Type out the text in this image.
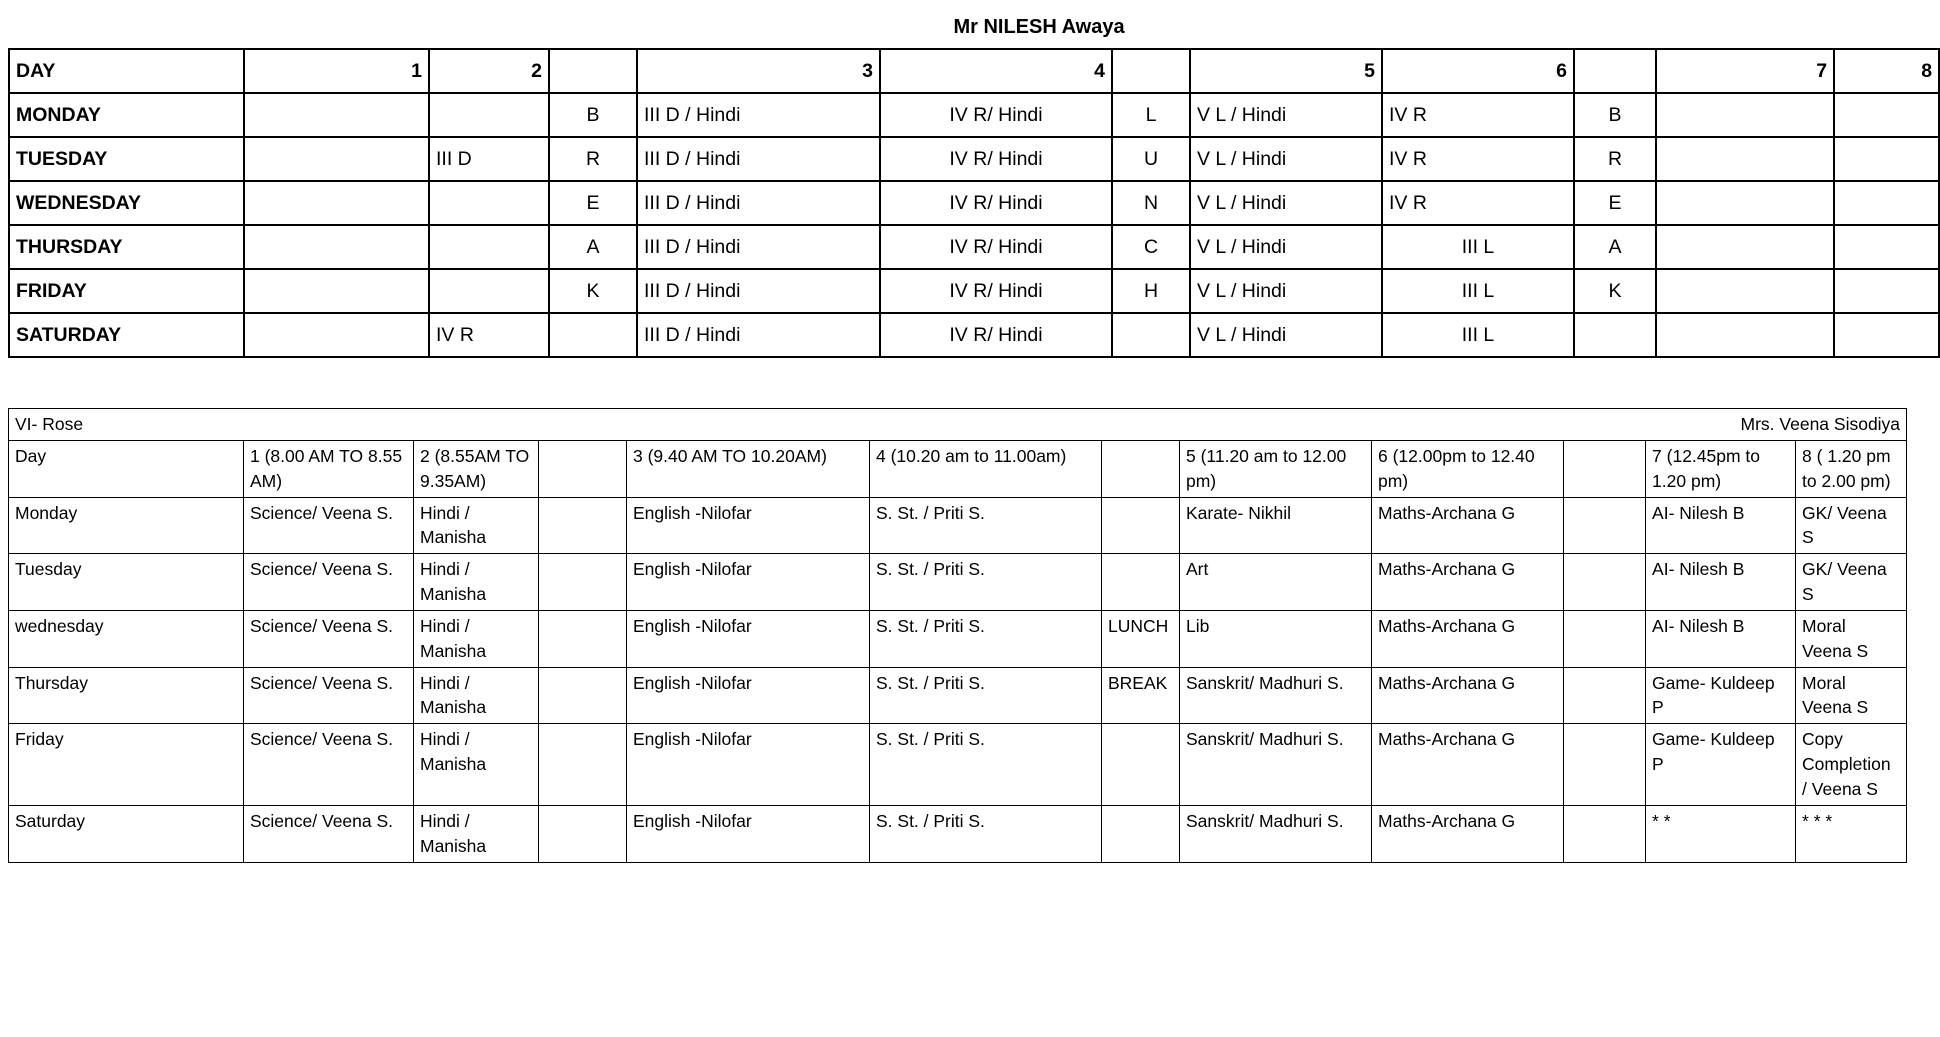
	Mr NILESH Awaya										
DAY	1	2		3	4		5	6		7	8
MONDAY			B	III D / Hindi	IV R/ Hindi	L	V L / Hindi	IV R	B		
TUESDAY		III D	R	III D / Hindi	IV R/ Hindi	U	V L / Hindi	IV R	R		
WEDNESDAY			E	III D / Hindi	IV R/ Hindi	N	V L / Hindi	IV R	E		
THURSDAY			A	III D / Hindi	IV R/ Hindi	C	V L / Hindi	III L	A		
FRIDAY			K	III D / Hindi	IV R/ Hindi	H	V L / Hindi	III L	K		
SATURDAY		IV R		III D / Hindi	IV R/ Hindi		V L / Hindi	III L			
VI- Rose										Mrs. Veena Sisodiya	
Day	1 (8.00 AM TO 8.55 AM)	2 (8.55AM TO 9.35AM)		3 (9.40 AM TO 10.20AM)	4 (10.20 am to 11.00am)		5 (11.20 am to 12.00 pm)	6 (12.00pm to 12.40 pm)		7 (12.45pm to 1.20 pm)	8 ( 1.20 pm to 2.00 pm)
Monday	Science/ Veena S.	Hindi / Manisha		English -Nilofar	S. St. / Priti S.		Karate- Nikhil	Maths-Archana G		AI- Nilesh B	GK/ Veena S
Tuesday	Science/ Veena S.	Hindi / Manisha		English -Nilofar	S. St. / Priti S.		Art	Maths-Archana G		AI- Nilesh B	GK/ Veena S
wednesday	Science/ Veena S.	Hindi / Manisha		English -Nilofar	S. St. / Priti S.	LUNCH	Lib	Maths-Archana G		AI- Nilesh B	Moral Veena S
Thursday	Science/ Veena S.	Hindi / Manisha		English -Nilofar	S. St. / Priti S.	BREAK	Sanskrit/ Madhuri S.	Maths-Archana G		Game- Kuldeep P	Moral Veena S
Friday	Science/ Veena S.	Hindi / Manisha		English -Nilofar	S. St. / Priti S.		Sanskrit/ Madhuri S.	Maths-Archana G		Game- Kuldeep P	Copy Completion / Veena S
Saturday	Science/ Veena S.	Hindi / Manisha		English -Nilofar	S. St. / Priti S.		Sanskrit/ Madhuri S.	Maths-Archana G		* *	* * *
